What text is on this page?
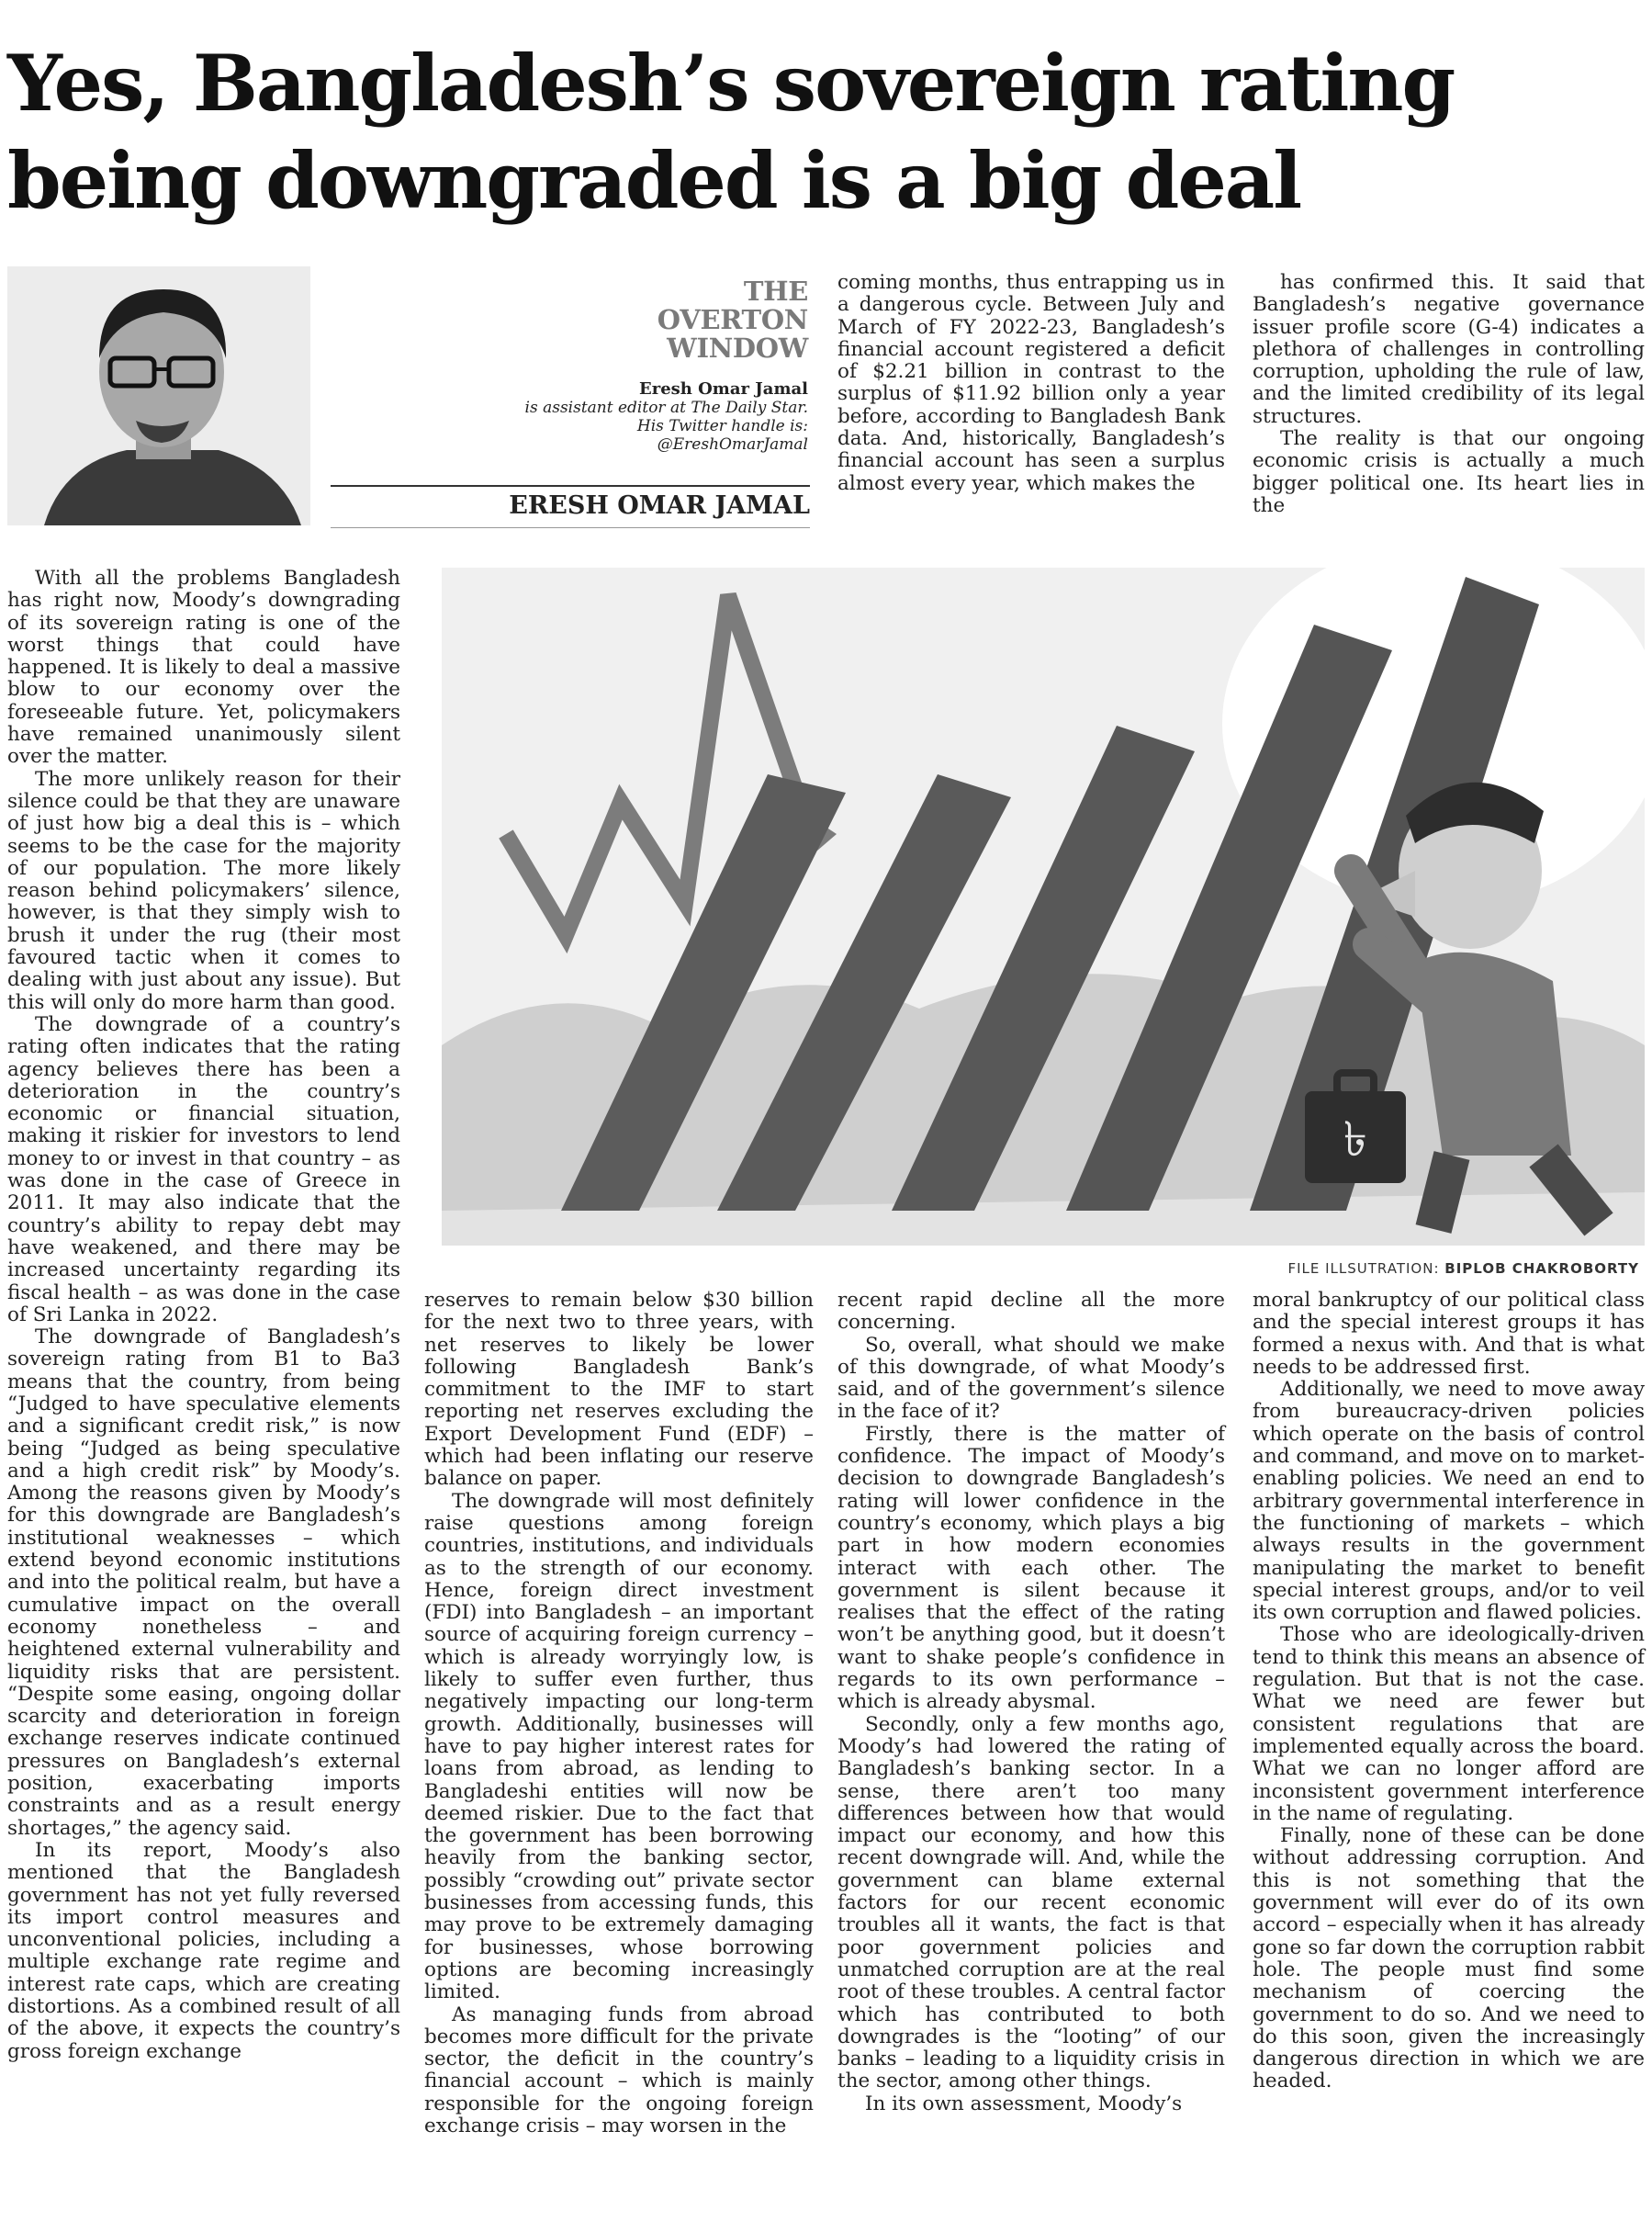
Yes, Bangladesh’s sovereign rating being downgraded is a big deal
THE OVERTON WINDOW
Eresh Omar Jamal
is assistant editor at The Daily Star. His Twitter handle is: @EreshOmarJamal
ERESH OMAR JAMAL

coming months, thus entrapping us in a dangerous cycle. Between July and March of FY 2022-23, Bangladesh’s financial account registered a deficit of $2.21 billion in contrast to the surplus of $11.92 billion only a year before, according to Bangladesh Bank data. And, historically, Bangladesh’s financial account has seen a surplus almost every year, which makes the

has confirmed this. It said that Bangladesh’s negative governance issuer profile score (G-4) indicates a plethora of challenges in controlling corruption, upholding the rule of law, and the limited credibility of its legal structures.

The reality is that our ongoing economic crisis is actually a much bigger political one. Its heart lies in the

৳
FILE ILLSUTRATION: BIPLOB CHAKROBORTY

With all the problems Bangladesh has right now, Moody’s downgrading of its sovereign rating is one of the worst things that could have happened. It is likely to deal a massive blow to our economy over the foreseeable future. Yet, policymakers have remained unanimously silent over the matter.

The more unlikely reason for their silence could be that they are unaware of just how big a deal this is – which seems to be the case for the majority of our population. The more likely reason behind policymakers’ silence, however, is that they simply wish to brush it under the rug (their most favoured tactic when it comes to dealing with just about any issue). But this will only do more harm than good.

The downgrade of a country’s rating often indicates that the rating agency believes there has been a deterioration in the country’s economic or financial situation, making it riskier for investors to lend money to or invest in that country – as was done in the case of Greece in 2011. It may also indicate that the country’s ability to repay debt may have weakened, and there may be increased uncertainty regarding its fiscal health – as was done in the case of Sri Lanka in 2022.

The downgrade of Bangladesh’s sovereign rating from B1 to Ba3 means that the country, from being “Judged to have speculative elements and a significant credit risk,” is now being “Judged as being speculative and a high credit risk” by Moody’s. Among the reasons given by Moody’s for this downgrade are Bangladesh’s institutional weaknesses – which extend beyond economic institutions and into the political realm, but have a cumulative impact on the overall economy nonetheless – and heightened external vulnerability and liquidity risks that are persistent. “Despite some easing, ongoing dollar scarcity and deterioration in foreign exchange reserves indicate continued pressures on Bangladesh’s external position, exacerbating imports constraints and as a result energy shortages,” the agency said.

In its report, Moody’s also mentioned that the Bangladesh government has not yet fully reversed its import control measures and unconventional policies, including a multiple exchange rate regime and interest rate caps, which are creating distortions. As a combined result of all of the above, it expects the country’s gross foreign exchange

reserves to remain below $30 billion for the next two to three years, with net reserves to likely be lower following Bangladesh Bank’s commitment to the IMF to start reporting net reserves excluding the Export Development Fund (EDF) – which had been inflating our reserve balance on paper.

The downgrade will most definitely raise questions among foreign countries, institutions, and individuals as to the strength of our economy. Hence, foreign direct investment (FDI) into Bangladesh – an important source of acquiring foreign currency – which is already worryingly low, is likely to suffer even further, thus negatively impacting our long-term growth. Additionally, businesses will have to pay higher interest rates for loans from abroad, as lending to Bangladeshi entities will now be deemed riskier. Due to the fact that the government has been borrowing heavily from the banking sector, possibly “crowding out” private sector businesses from accessing funds, this may prove to be extremely damaging for businesses, whose borrowing options are becoming increasingly limited.

As managing funds from abroad becomes more difficult for the private sector, the deficit in the country’s financial account – which is mainly responsible for the ongoing foreign exchange crisis – may worsen in the

recent rapid decline all the more concerning.

So, overall, what should we make of this downgrade, of what Moody’s said, and of the government’s silence in the face of it?

Firstly, there is the matter of confidence. The impact of Moody’s decision to downgrade Bangladesh’s rating will lower confidence in the country’s economy, which plays a big part in how modern economies interact with each other. The government is silent because it realises that the effect of the rating won’t be anything good, but it doesn’t want to shake people’s confidence in regards to its own performance – which is already abysmal.

Secondly, only a few months ago, Moody’s had lowered the rating of Bangladesh’s banking sector. In a sense, there aren’t too many differences between how that would impact our economy, and how this recent downgrade will. And, while the government can blame external factors for our recent economic troubles all it wants, the fact is that poor government policies and unmatched corruption are at the real root of these troubles. A central factor which has contributed to both downgrades is the “looting” of our banks – leading to a liquidity crisis in the sector, among other things.

In its own assessment, Moody’s

moral bankruptcy of our political class and the special interest groups it has formed a nexus with. And that is what needs to be addressed first.

Additionally, we need to move away from bureaucracy-driven policies which operate on the basis of control and command, and move on to market-enabling policies. We need an end to arbitrary governmental interference in the functioning of markets – which always results in the government manipulating the market to benefit special interest groups, and/or to veil its own corruption and flawed policies.

Those who are ideologically-driven tend to think this means an absence of regulation. But that is not the case. What we need are fewer but consistent regulations that are implemented equally across the board. What we can no longer afford are inconsistent government interference in the name of regulating.

Finally, none of these can be done without addressing corruption. And this is not something that the government will ever do of its own accord – especially when it has already gone so far down the corruption rabbit hole. The people must find some mechanism of coercing the government to do so. And we need to do this soon, given the increasingly dangerous direction in which we are headed.
